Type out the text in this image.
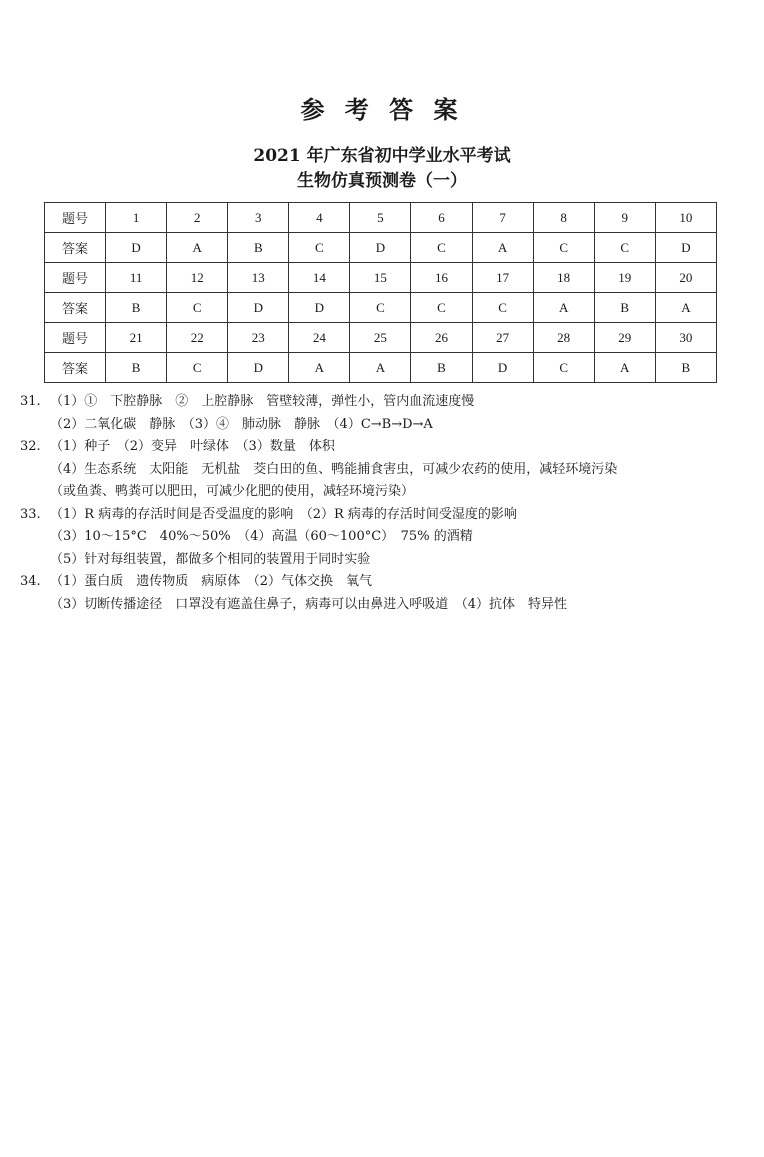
参 考 答 案
2021 年广东省初中学业水平考试
生物仿真预测卷（一）
题号	1	2	3	4	5	6	7	8	9	10
答案	D	A	B	C	D	C	A	C	C	D
题号	11	12	13	14	15	16	17	18	19	20
答案	B	C	D	D	C	C	C	A	B	A
题号	21	22	23	24	25	26	27	28	29	30
答案	B	C	D	A	A	B	D	C	A	B
31. （1）①　下腔静脉　②　上腔静脉　管壁较薄，弹性小，管内血流速度慢
（2）二氧化碳　静脉　（3）④　肺动脉　静脉　（4）C→B→D→A
32. （1）种子　（2）变异　叶绿体　（3）数量　体积
（4）生态系统　太阳能　无机盐　茭白田的鱼、鸭能捕食害虫，可减少农药的使用，减轻环境污染
（或鱼粪、鸭粪可以肥田，可减少化肥的使用，减轻环境污染）
33. （1）R 病毒的存活时间是否受温度的影响　（2）R 病毒的存活时间受湿度的影响
（3）10～15°C　40%～50%　（4）高温（60～100°C）　75% 的酒精
（5）针对每组装置，都做多个相同的装置用于同时实验
34. （1）蛋白质　遗传物质　病原体　（2）气体交换　氧气
（3）切断传播途径　口罩没有遮盖住鼻子，病毒可以由鼻进入呼吸道　（4）抗体　特异性
